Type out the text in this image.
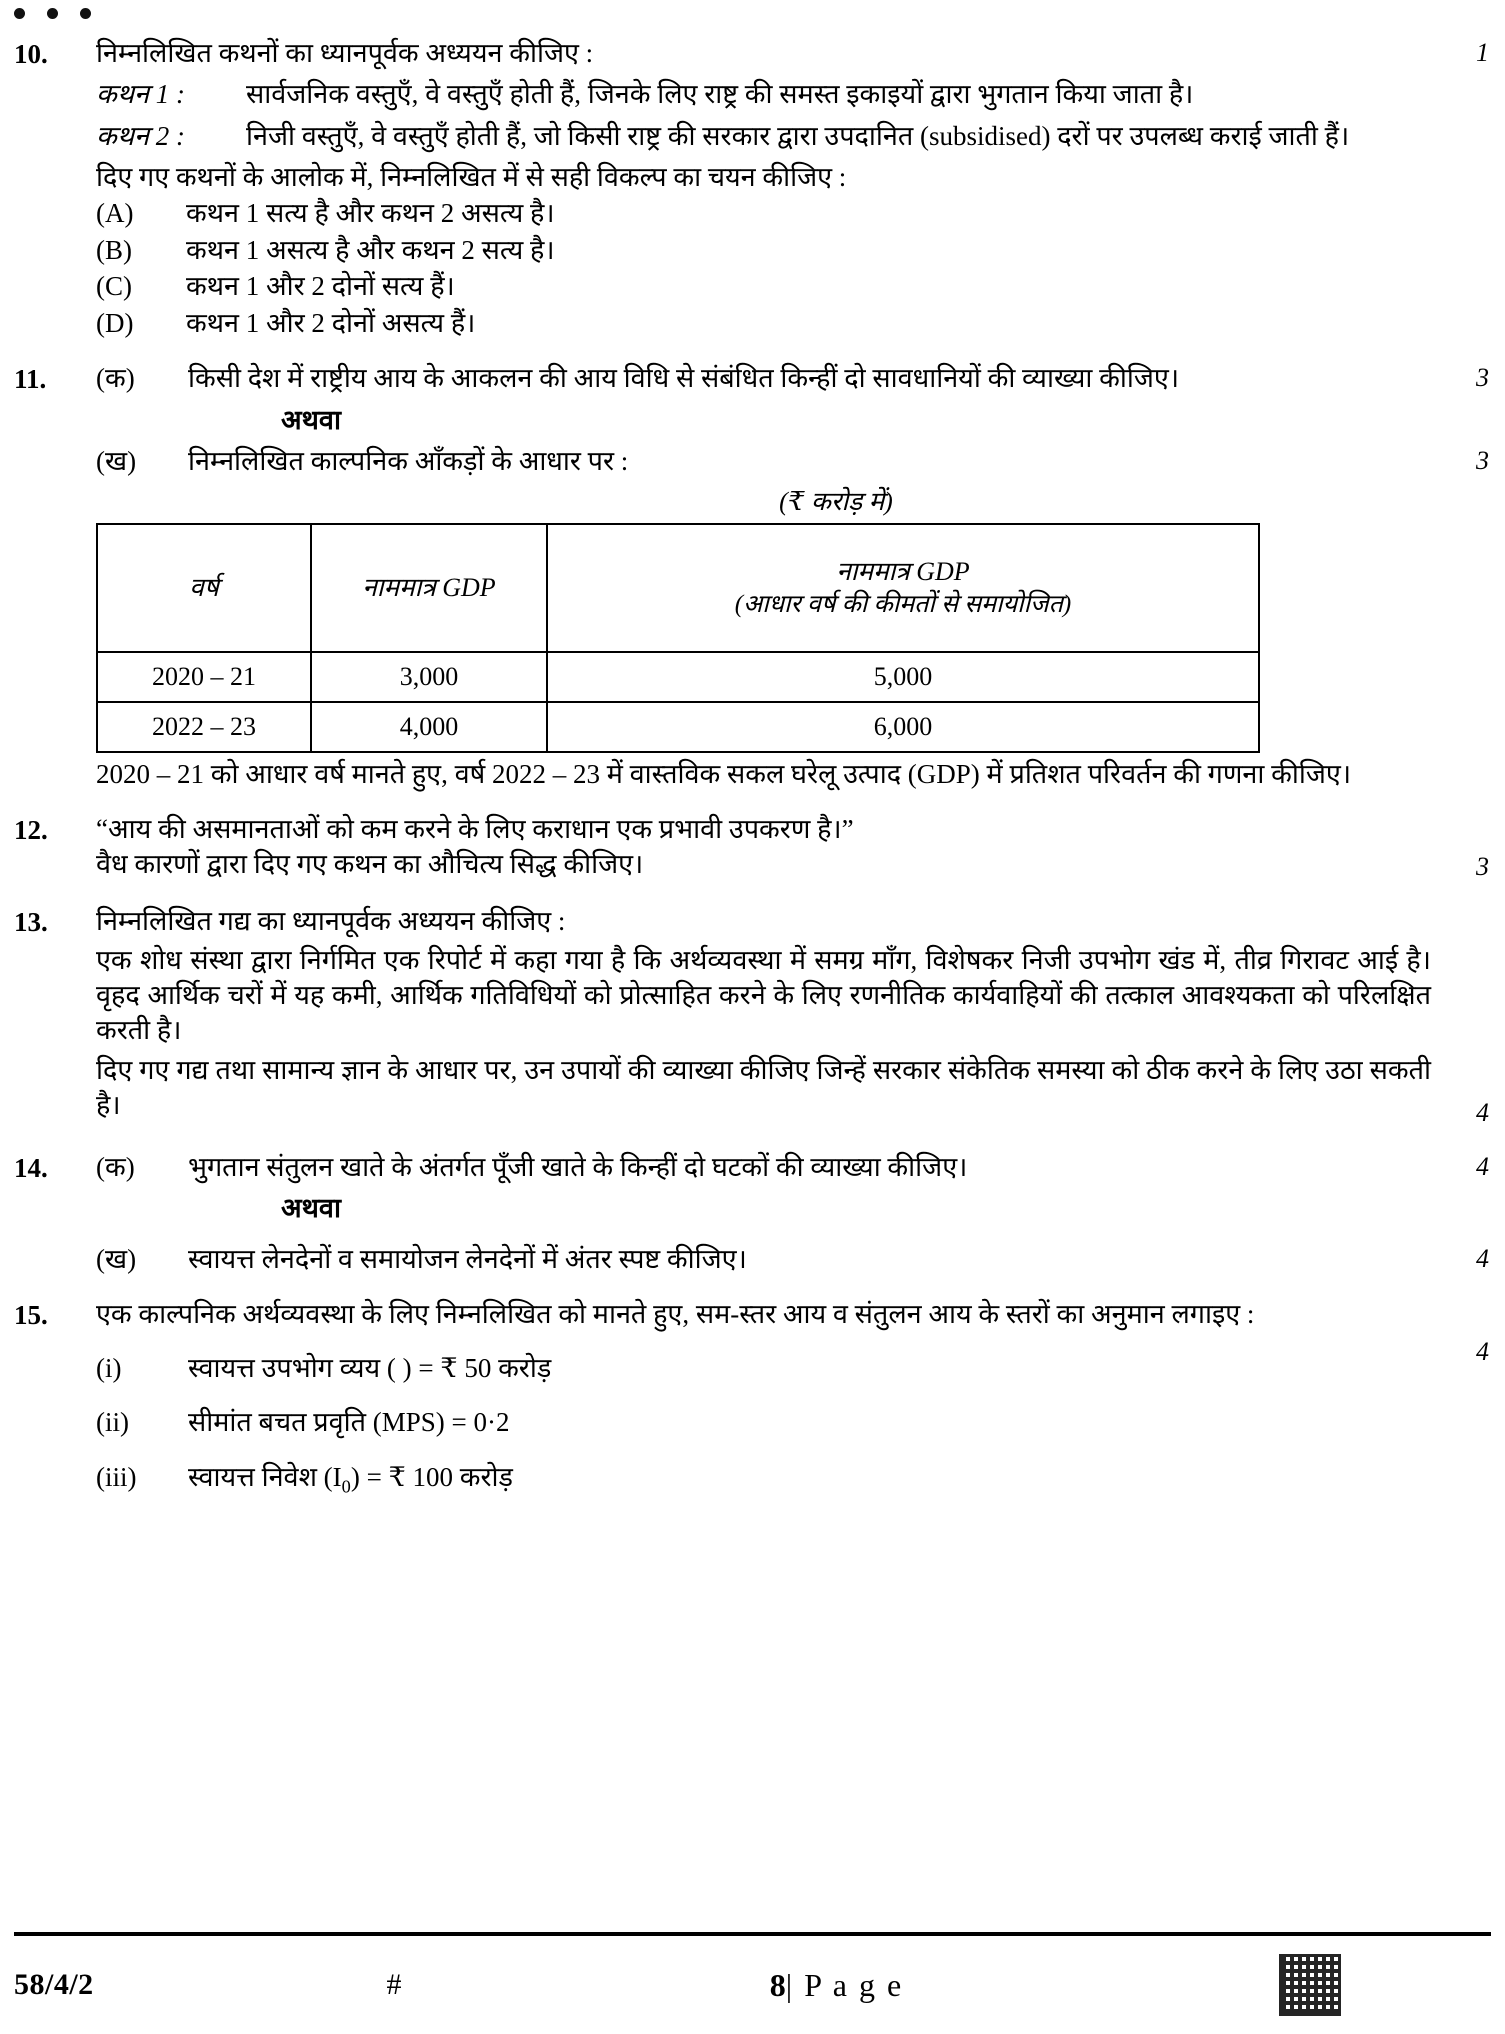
10.	निम्नलिखित कथनों का ध्यानपूर्वक अध्ययन कीजिए :
कथन 1 :	सार्वजनिक वस्तुएँ, वे वस्तुएँ होती हैं, जिनके लिए राष्ट्र की समस्त इकाइयों द्वारा भुगतान किया जाता है।
कथन 2 :	निजी वस्तुएँ, वे वस्तुएँ होती हैं, जो किसी राष्ट्र की सरकार द्वारा उपदानित (subsidised) दरों पर उपलब्ध कराई जाती हैं।
दिए गए कथनों के आलोक में, निम्नलिखित में से सही विकल्प का चयन कीजिए :
(A)	कथन 1 सत्य है और कथन 2 असत्य है।
(B)	कथन 1 असत्य है और कथन 2 सत्य है।
(C)	कथन 1 और 2 दोनों सत्य हैं।
(D)	कथन 1 और 2 दोनों असत्य हैं।
1
11.	(क)	किसी देश में राष्ट्रीय आय के आकलन की आय विधि से संबंधित किन्हीं दो सावधानियों की व्याख्या कीजिए।	3
अथवा
(ख)	निम्नलिखित काल्पनिक आँकड़ों के आधार पर :
(₹ करोड़ में)
वर्ष	नाममात्र GDP	नाममात्र GDP
(आधार वर्ष की कीमतों से समायोजित)

2020 – 21	3,000	5,000
2022 – 23	4,000	6,000
2020 – 21 को आधार वर्ष मानते हुए, वर्ष 2022 – 23 में वास्तविक सकल घरेलू उत्पाद (GDP) में प्रतिशत परिवर्तन की गणना कीजिए।
3
12.	“आय की असमानताओं को कम करने के लिए कराधान एक प्रभावी उपकरण है।”
वैध कारणों द्वारा दिए गए कथन का औचित्य सिद्ध कीजिए।	3
13.	निम्नलिखित गद्य का ध्यानपूर्वक अध्ययन कीजिए :
एक शोध संस्था द्वारा निर्गमित एक रिपोर्ट में कहा गया है कि अर्थव्यवस्था में समग्र माँग, विशेषकर निजी उपभोग खंड में, तीव्र गिरावट आई है। वृहद आर्थिक चरों में यह कमी, आर्थिक गतिविधियों को प्रोत्साहित करने के लिए रणनीतिक कार्यवाहियों की तत्काल आवश्यकता को परिलक्षित करती है।
दिए गए गद्य तथा सामान्य ज्ञान के आधार पर, उन उपायों की व्याख्या कीजिए जिन्हें सरकार संकेतिक समस्या को ठीक करने के लिए उठा सकती है।	4
14.	(क)	भुगतान संतुलन खाते के अंतर्गत पूँजी खाते के किन्हीं दो घटकों की व्याख्या कीजिए।
अथवा
4
(ख)	स्वायत्त लेनदेनों व समायोजन लेनदेनों में अंतर स्पष्ट कीजिए।	4
15.	एक काल्पनिक अर्थव्यवस्था के लिए निम्नलिखित को मानते हुए, सम-स्तर आय व संतुलन आय के स्तरों का अनुमान लगाइए :
(i)	स्वायत्त उपभोग व्यय ( ) = ₹ 50 करोड़
(ii)	सीमांत बचत प्रवृति (MPS) = 0·2
(iii)	स्वायत्त निवेश $(I_0)$ = ₹ 100 करोड़
4
58/4/2	#	8| P a g e
